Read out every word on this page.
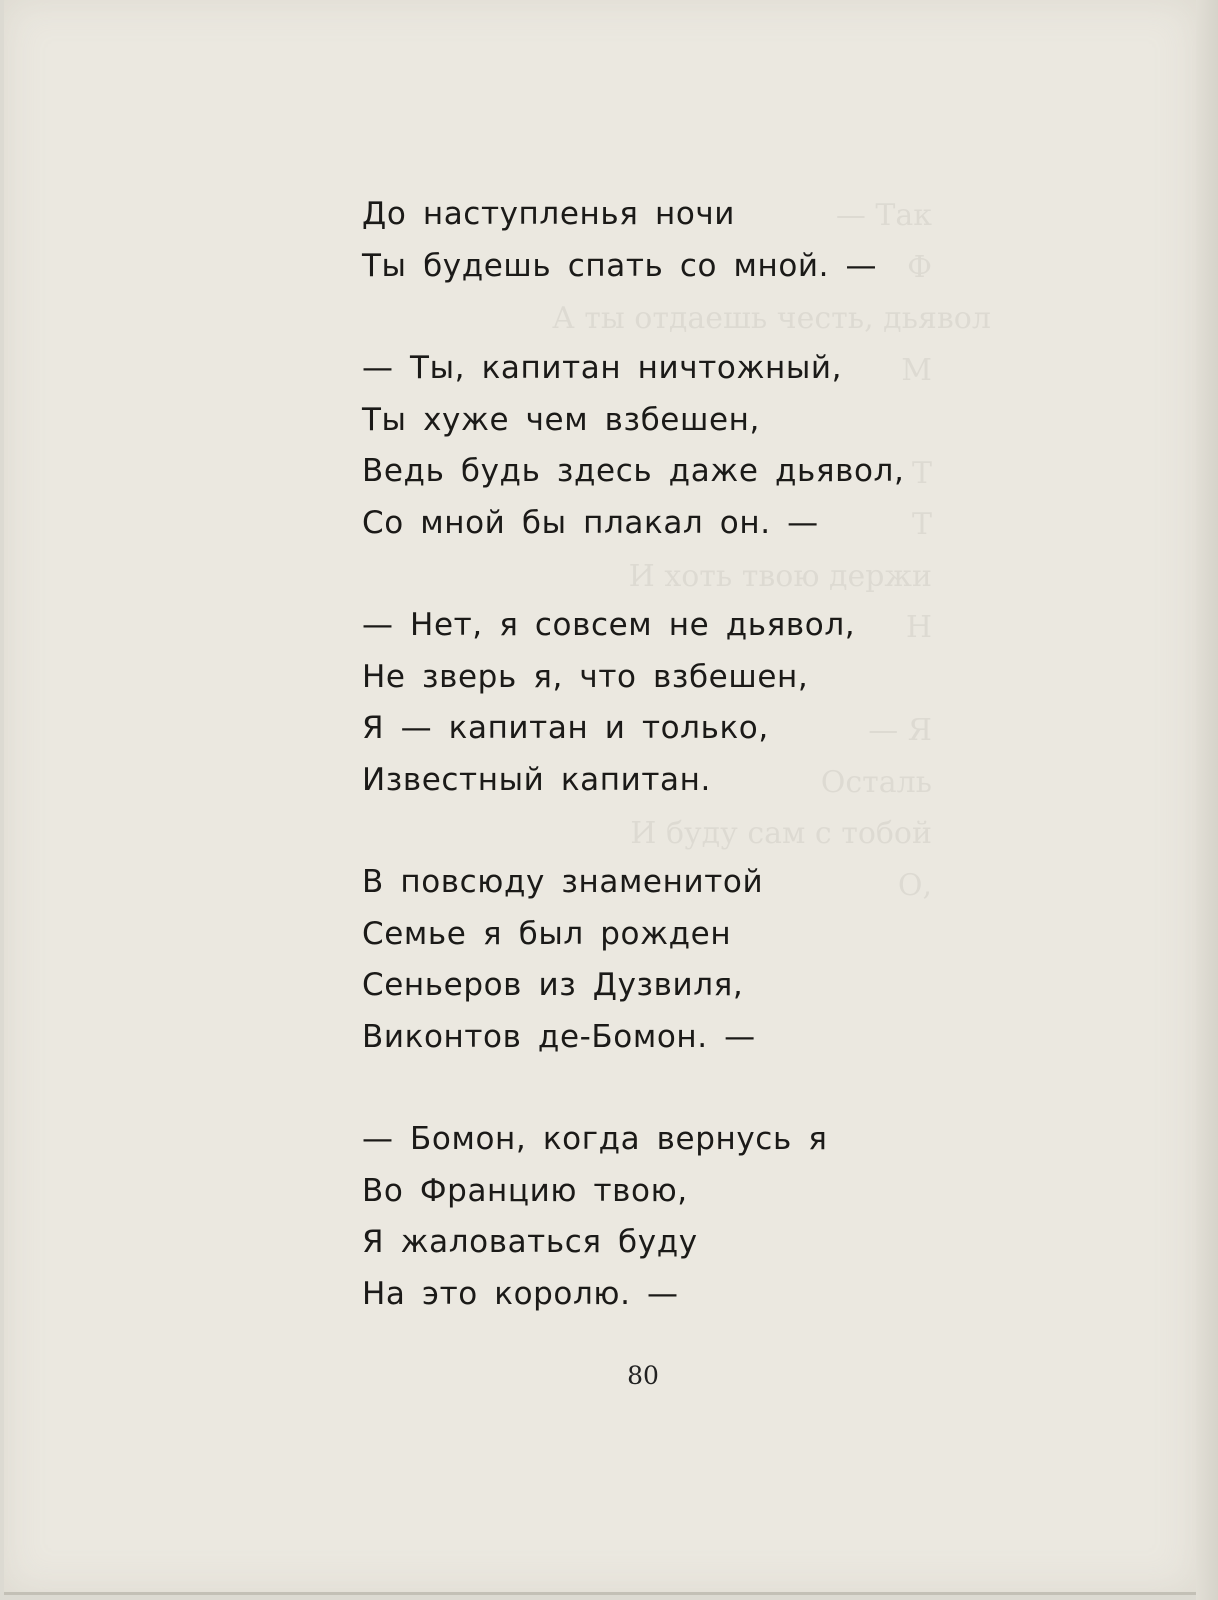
— Так
Ф
А ты отдаешь честь, дьявол
М
Т
Т
И хоть твою держи
Н
— Я
Осталь
И буду сам с тобой
О,
До наступленья ночи
Ты будешь спать со мной. —
— Ты, капитан ничтожный,
Ты хуже чем взбешен,
Ведь будь здесь даже дьявол,
Со мной бы плакал он. —
— Нет, я совсем не дьявол,
Не зверь я, что взбешен,
Я — капитан и только,
Известный капитан.
В повсюду знаменитой
Семье я был рожден
Сеньеров из Дузвиля,
Виконтов де-Бомон. —
— Бомон, когда вернусь я
Во Францию твою,
Я жаловаться буду
На это королю. —
80
